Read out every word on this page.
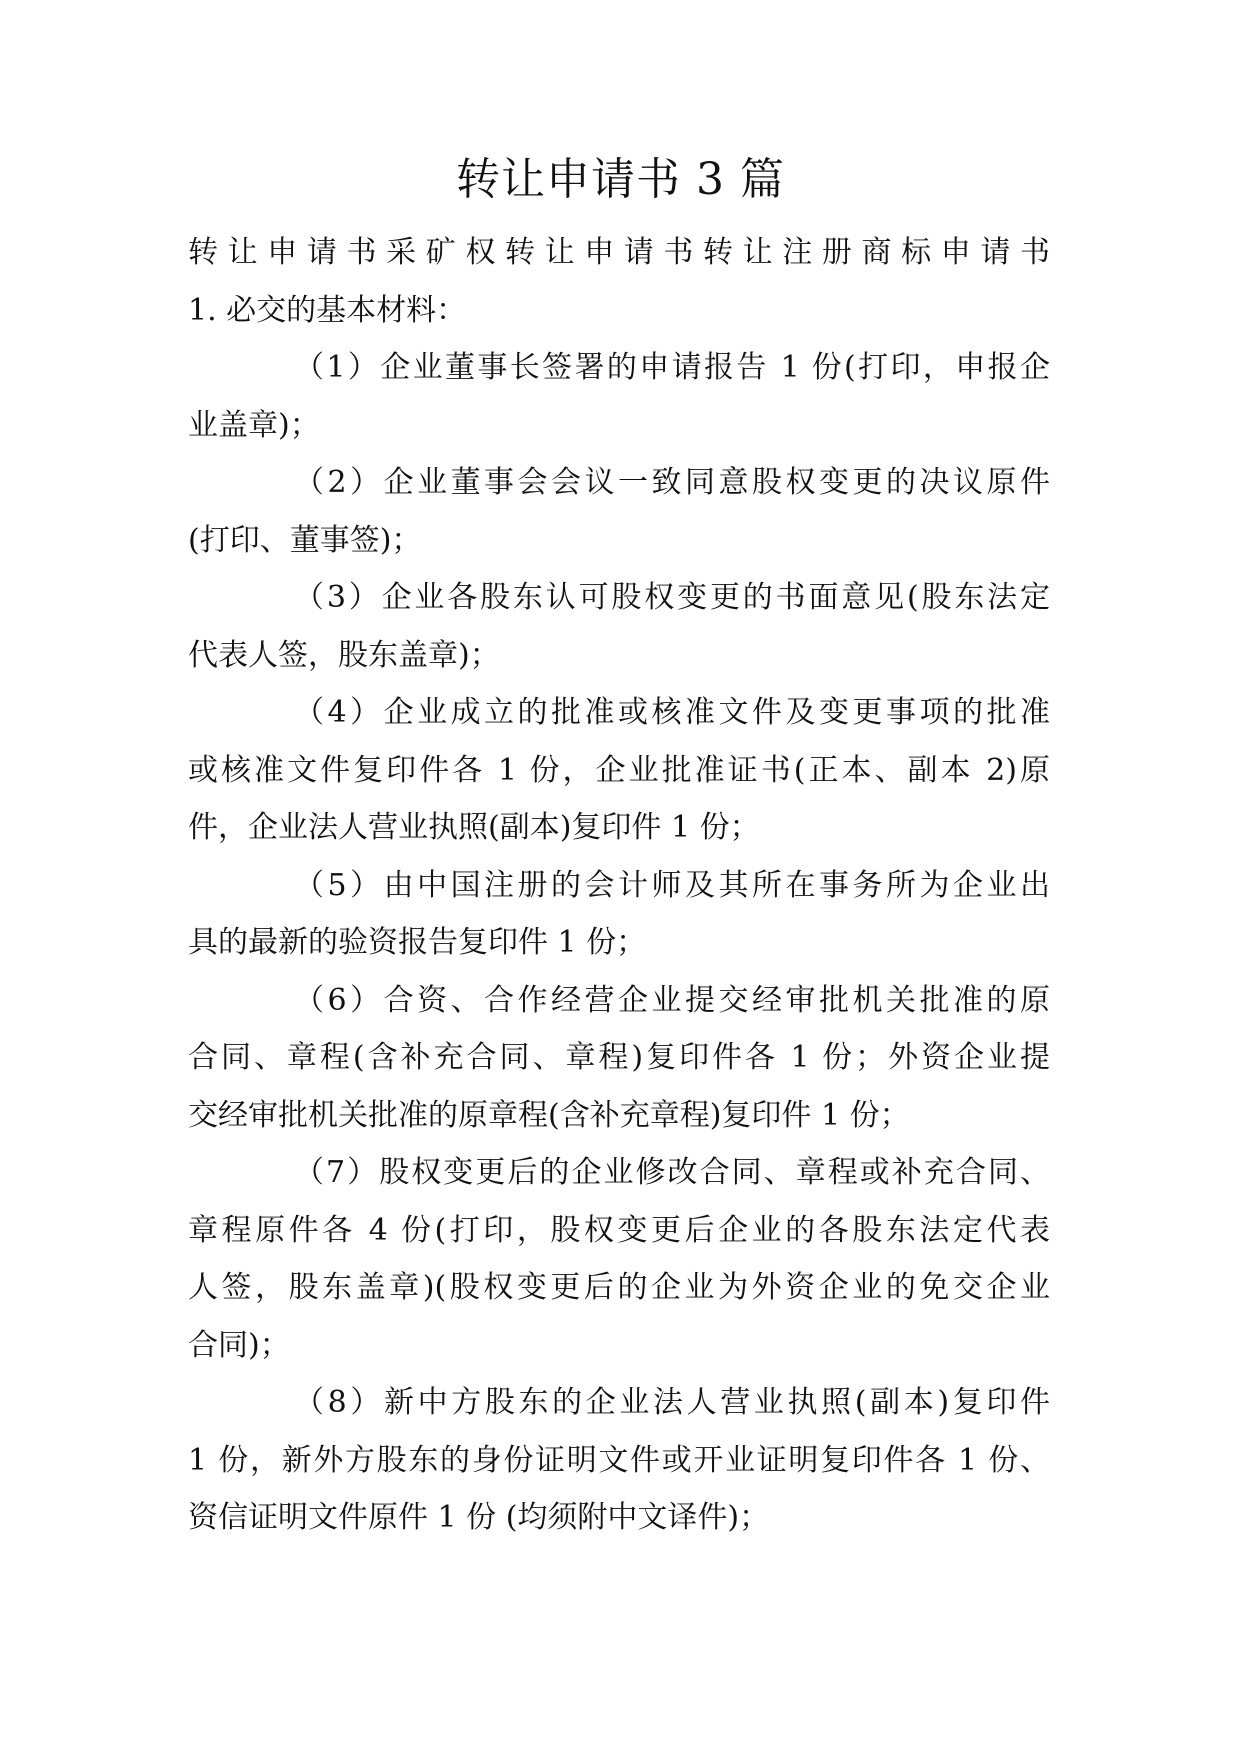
转让申请书 3 篇
转让申请书采矿权转让申请书转让注册商标申请书
1. 必交的基本材料：
（1）企业董事长签署的申请报告 1 份(打印，申报企
业盖章)；
（2）企业董事会会议一致同意股权变更的决议原件
(打印、董事签)；
（3）企业各股东认可股权变更的书面意见(股东法定
代表人签，股东盖章)；
（4）企业成立的批准或核准文件及变更事项的批准
或核准文件复印件各 1 份，企业批准证书(正本、副本 2)原
件，企业法人营业执照(副本)复印件 1 份；
（5）由中国注册的会计师及其所在事务所为企业出
具的最新的验资报告复印件 1 份；
（6）合资、合作经营企业提交经审批机关批准的原
合同、章程(含补充合同、章程)复印件各 1 份；外资企业提
交经审批机关批准的原章程(含补充章程)复印件 1 份；
（7）股权变更后的企业修改合同、章程或补充合同、
章程原件各 4 份(打印，股权变更后企业的各股东法定代表
人签，股东盖章)(股权变更后的企业为外资企业的免交企业
合同)；
（8）新中方股东的企业法人营业执照(副本)复印件
1 份，新外方股东的身份证明文件或开业证明复印件各 1 份、
资信证明文件原件 1 份 (均须附中文译件)；
